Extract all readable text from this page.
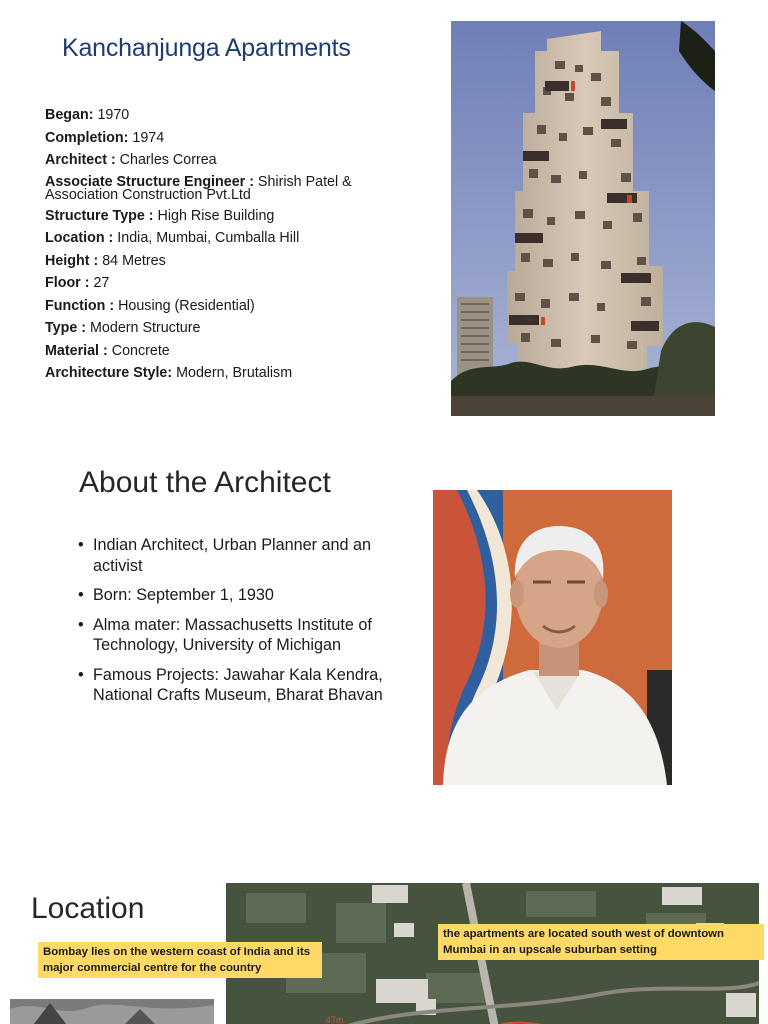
Kanchanjunga Apartments
Began: 1970
Completion: 1974
Architect : Charles Correa
Associate Structure Engineer : Shirish Patel & Association Construction Pvt.Ltd
Structure Type : High Rise Building
Location : India, Mumbai, Cumballa Hill
Height : 84 Metres
Floor : 27
Function : Housing (Residential)
Type : Modern Structure
Material : Concrete
Architecture Style: Modern, Brutalism
About the Architect
• Indian Architect, Urban Planner and an activist
• Born: September 1, 1930
• Alma mater: Massachusetts Institute of Technology, University of Michigan
• Famous Projects: Jawahar Kala Kendra, National Crafts Museum, Bharat Bhavan
Location
47m
Bombay lies on the western coast of India and its major commercial centre for the country
the apartments are located south west of downtown Mumbai in an upscale suburban setting
